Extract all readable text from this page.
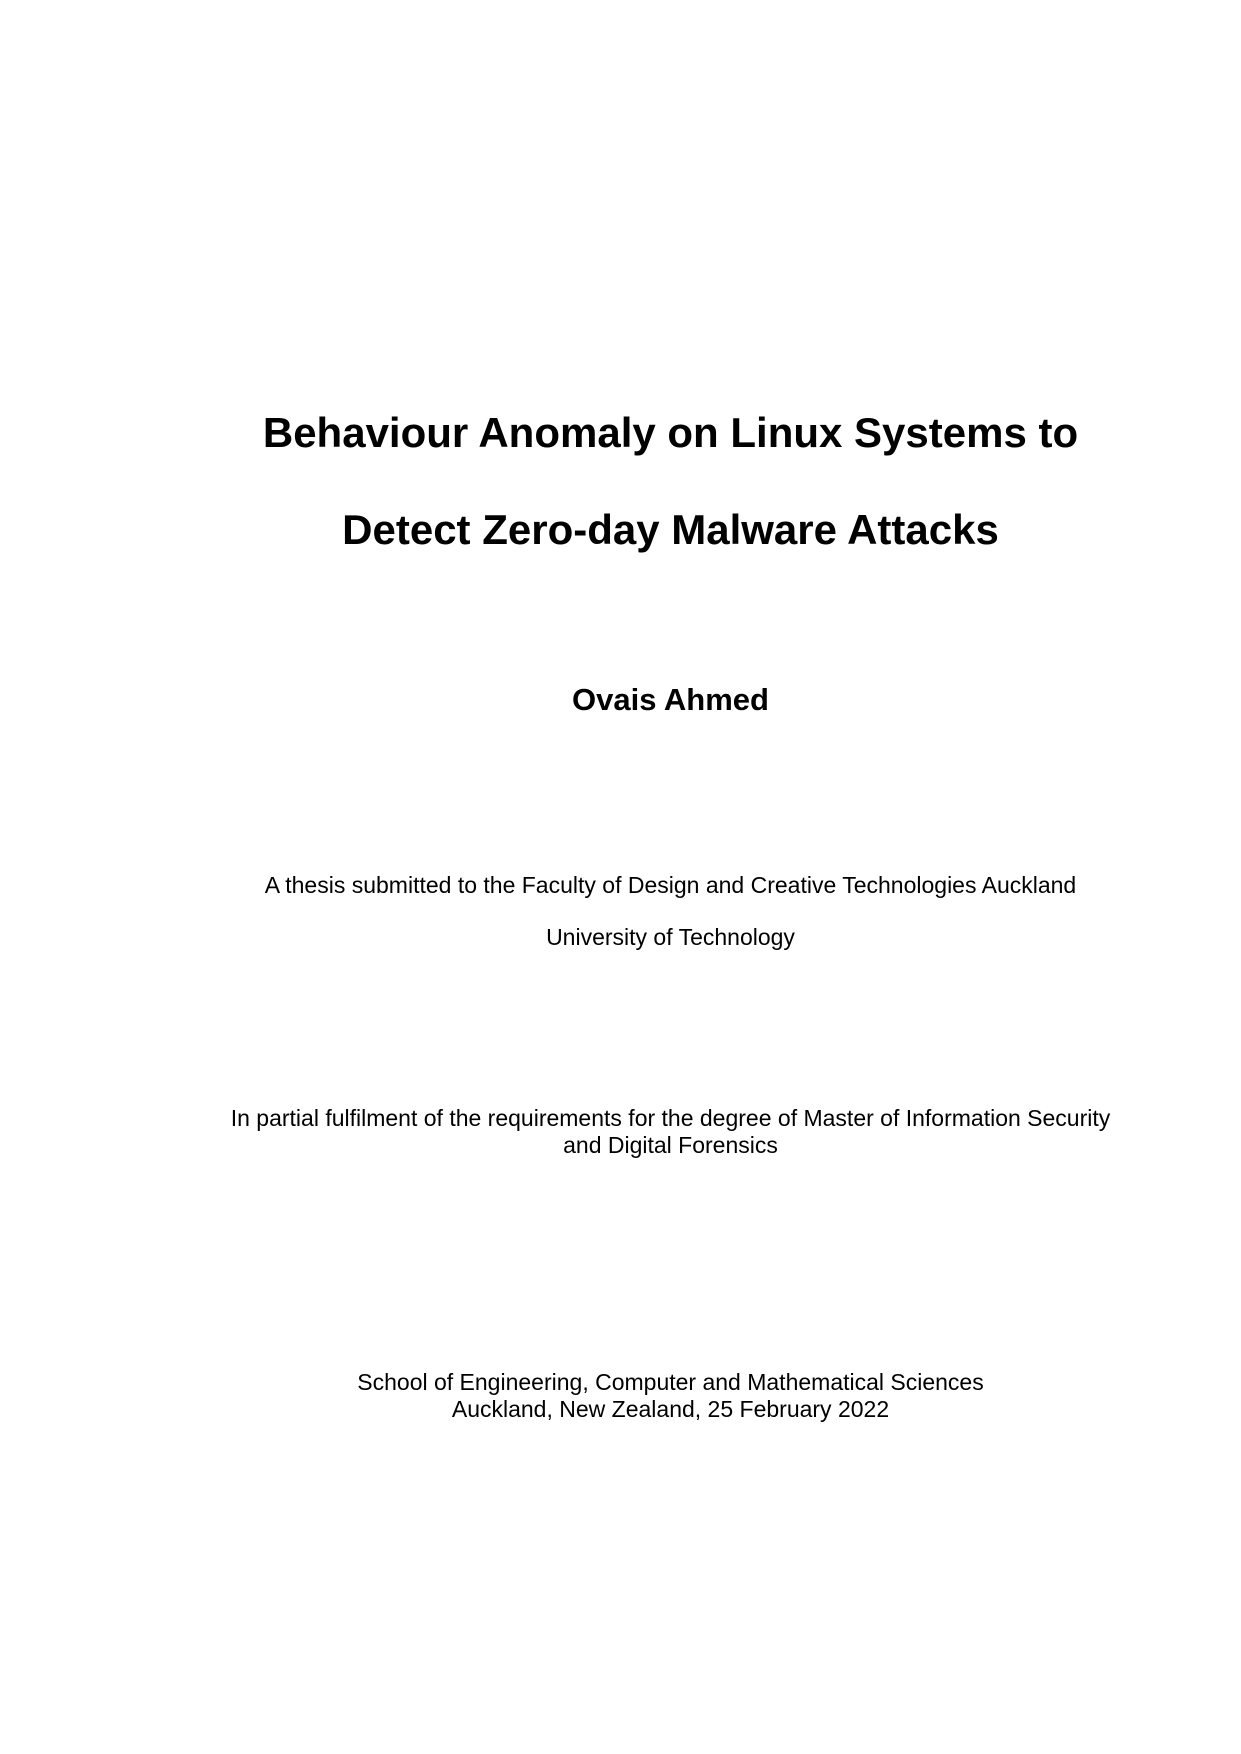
Behaviour Anomaly on Linux Systems to
Detect Zero-day Malware Attacks
Ovais Ahmed
A thesis submitted to the Faculty of Design and Creative Technologies Auckland
University of Technology
In partial fulfilment of the requirements for the degree of Master of Information Security
and Digital Forensics
School of Engineering, Computer and Mathematical Sciences
Auckland, New Zealand, 25 February 2022
